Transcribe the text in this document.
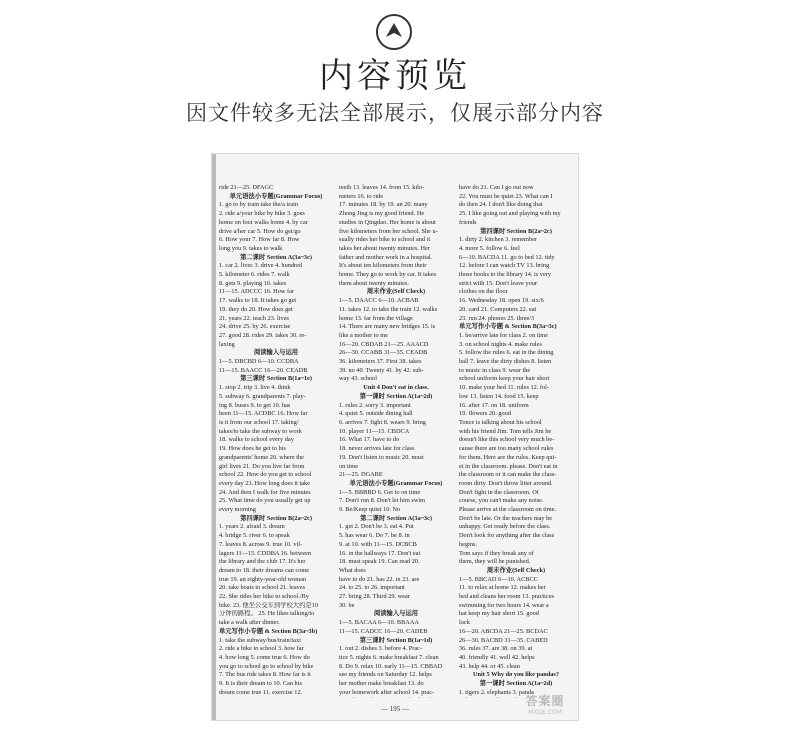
内容预览
因文件较多无法全部展示，仅展示部分内容
ride 21—25. DFAGC
单元语法小专题(Grammar Focus)
1. go to by train take the/a train
2. ride a/your bike by bike 3. goes
home on foot walks home 4. by car
drive a/her car 5. How do get/go
6. How your 7. How far 8. How
long you 9. takes to walk
第二课时 Section A(3a~3c)
1. car 2. lives 3. drive 4. hundred
5. kilometer 6. rides 7. walk
8. gets 9. playing 10. takes
11—15. ADCCC 16. How far
17. walks to 18. It takes go get
19. they do 20. How does get
21. years 22. teach 23. lives
24. drive 25. by 26. exercise
27. good 28. rides 29. takes 30. re-
laxing
阅读输入与运用
1—5. DBCBD 6—10. CCDBA
11—15. BAACC 16—20. CEADB
第三课时 Section B(1a~1e)
1. stop 2. trip 3. live 4. think
5. subway 6. grandparents 7. play-
ing 8. buses 9. to get 10. has
been 11—15. ACDBC 16. How far
is it from our school 17. taking/
takes/to take the subway to work
18. walks to school every day
19. How does he get to his
grandparents' home 20. where the
girl lives 21. Do you live far from
school 22. How do you get to school
every day 23. How long does it take
24. And then I walk for five minutes
25. What time do you usually get up
every morning
第四课时 Section B(2a~2c)
1. years 2. afraid 3. dream
4. bridge 5. river 6. to speak
7. leaves 8. across 9. true 10. vil-
lagers 11—15. CDDBA 16. between
the library and the club 17. It's her
dream to 18. their dreams can come
true 19. an eighty-year-old woman
20. take boats to school 21. leaves
22. She rides her bike to school./By
bike. 23. 他坐公交车到学校大约是10
分钟的路程。 25. He likes talking/to
take a walk after dinner.
单元写作小专题 & Section B(3a~3b)
1. take the subway/bus/train/taxi
2. ride a bike to school 3. how far
4. how long 5. come true 6. How do
you go to school go to school by bike
7. The bus ride takes 8. How far is it
9. It is their dream to 10. Can his
dream come true 11. exercise 12.
teeth 13. leaves 14. from 15. kilo-
meters 16. to ride
17. minutes 18. by 19. an 20. many
Zhong Jing is my good friend. He
studies in Qingdao. Her home is about
five kilometers from her school. She u-
sually rides her bike to school and it
takes her about twenty minutes. Her
father and mother work in a hospital.
It's about ten kilometers from their
home. They go to work by car. It takes
them about twenty minutes.
周末作业(Self Check)
1—5. DAACC 6—10. ACBAB
11. takes 12. to take the train 12. walks
home 13. far from the village
14. There are many new bridges 15. is
like a mother to me
16—20. CBDAB 21—25. AAACD
26—30. CCABB 31—35. CEADB
36. kilometers 37. First 38. takes
39. no 40. Twenty 41. by 42. sub-
way 43. school
Unit 4 Don't eat in class.
第一课时 Section A(1a~2d)
1. rules 2. sorry 3. important
4. quiet 5. outside dining hall
6. arrives 7. fight 8. wears 9. bring
10. player 11—15. CBDCA
16. What 17. have to do
18. never arrives late for class
19. Don't listen to music 20. must
on time
21—25. DGABE
单元语法小专题(Grammar Focus)
1—5. BBBBD 6. Get to on time
7. Don't run 8. Don't let him swim
9. Be/Keep quiet 10. No
第二课时 Section A(3a~3c)
1. get 2. Don't be 3. eat 4. Put
5. has wear 6. Do 7. be 8. in
9. at 10. with 11—15. DCBCB
16. in the hallways 17. Don't eat
18. must speak 19. Can read 20.
What does
have to do 21. has 22. in 23. are
24. to 25. to 26. important
27. bring 28. Third 29. wear
30. be
阅读输入与运用
1—5. BACAA 6—10. BBAAA
11—15. CADCC 16—20. CADEB
第三课时 Section B(1a~1d)
1. out 2. dishes 3. before 4. Prac-
tice 5. nights 6. make breakfast 7. clean
8. Do 9. relax 10. early 11—15. CBBAD
see my friends on Saturday 12. helps
her mother make breakfast 13. do
your homework after school 14. prac-
have do 21. Can I go out now
22. You must be quiet 23. What can I
do then 24. I don't like doing that
25. I like going out and playing with my
friends
第四课时 Section B(2a~2c)
1. dirty 2. kitchen 3. remember
4. more 5. follow 6. feel
6—10. BACDA 11. go to bed 12. tidy
12. before I can watch TV 13. bring
those books to the library 14. is very
strict with 15. Don't leave your
clothes on the floor
16. Wednesday 18. open 19. six/6
20. card 21. Computers 22. eat
23. run 24. phones 25. three/3
单元写作小专题 & Section B(3a~3c)
1. be/arrive late for class 2. on time
3. on school nights 4. make rules
5. follow the rules 6. eat in the dining
hall 7. leave the dirty dishes 8. listen
to music in class 9. wear the
school uniform keep your hair short
10. make your bed 11. rules 12. fol-
low 13. listen 14. food 15. keep
16. after 17. on 18. uniform
19. flowers 20. good
Tonce is talking about his school
with his friend Jim. Tom tells Jim he
doesn't like this school very much be-
cause there are too many school rules
for them. Here are the rules. Keep qui-
et in the classroom. please. Don't eat in
the classroom or it can make the class-
room dirty. Don't throw litter around.
Don't fight in the classroom. Of
course, you can't make any noise.
Please arrive at the classroom on time.
Don't be late. Or the teachers may be
unhappy. Get ready before the class.
Don't look for anything after the class
begins.
Tom says if they break any of
them, they will be punished.
周末作业(Self Check)
1—5. BBCAD 6—10. ACBCC
11. to relax at home 12. makes her
bed and cleans her room 13. practices
swimming for two hours 14. wear a
hat keep my hair short 15. good
luck
16—20. ABCDA 21—25. BCDAC
26—30. BACBD 31—35. CABED
36. rules 37. are 38. on 39. at
40. friendly 41. well 42. helps
43. help 44. or 45. clean
Unit 5 Why do you like pandas?
第一课时 Section A(1a~2d)
1. tigers 2. elephants 3. panda
— 195 —
答案圈
MXQE.COM
